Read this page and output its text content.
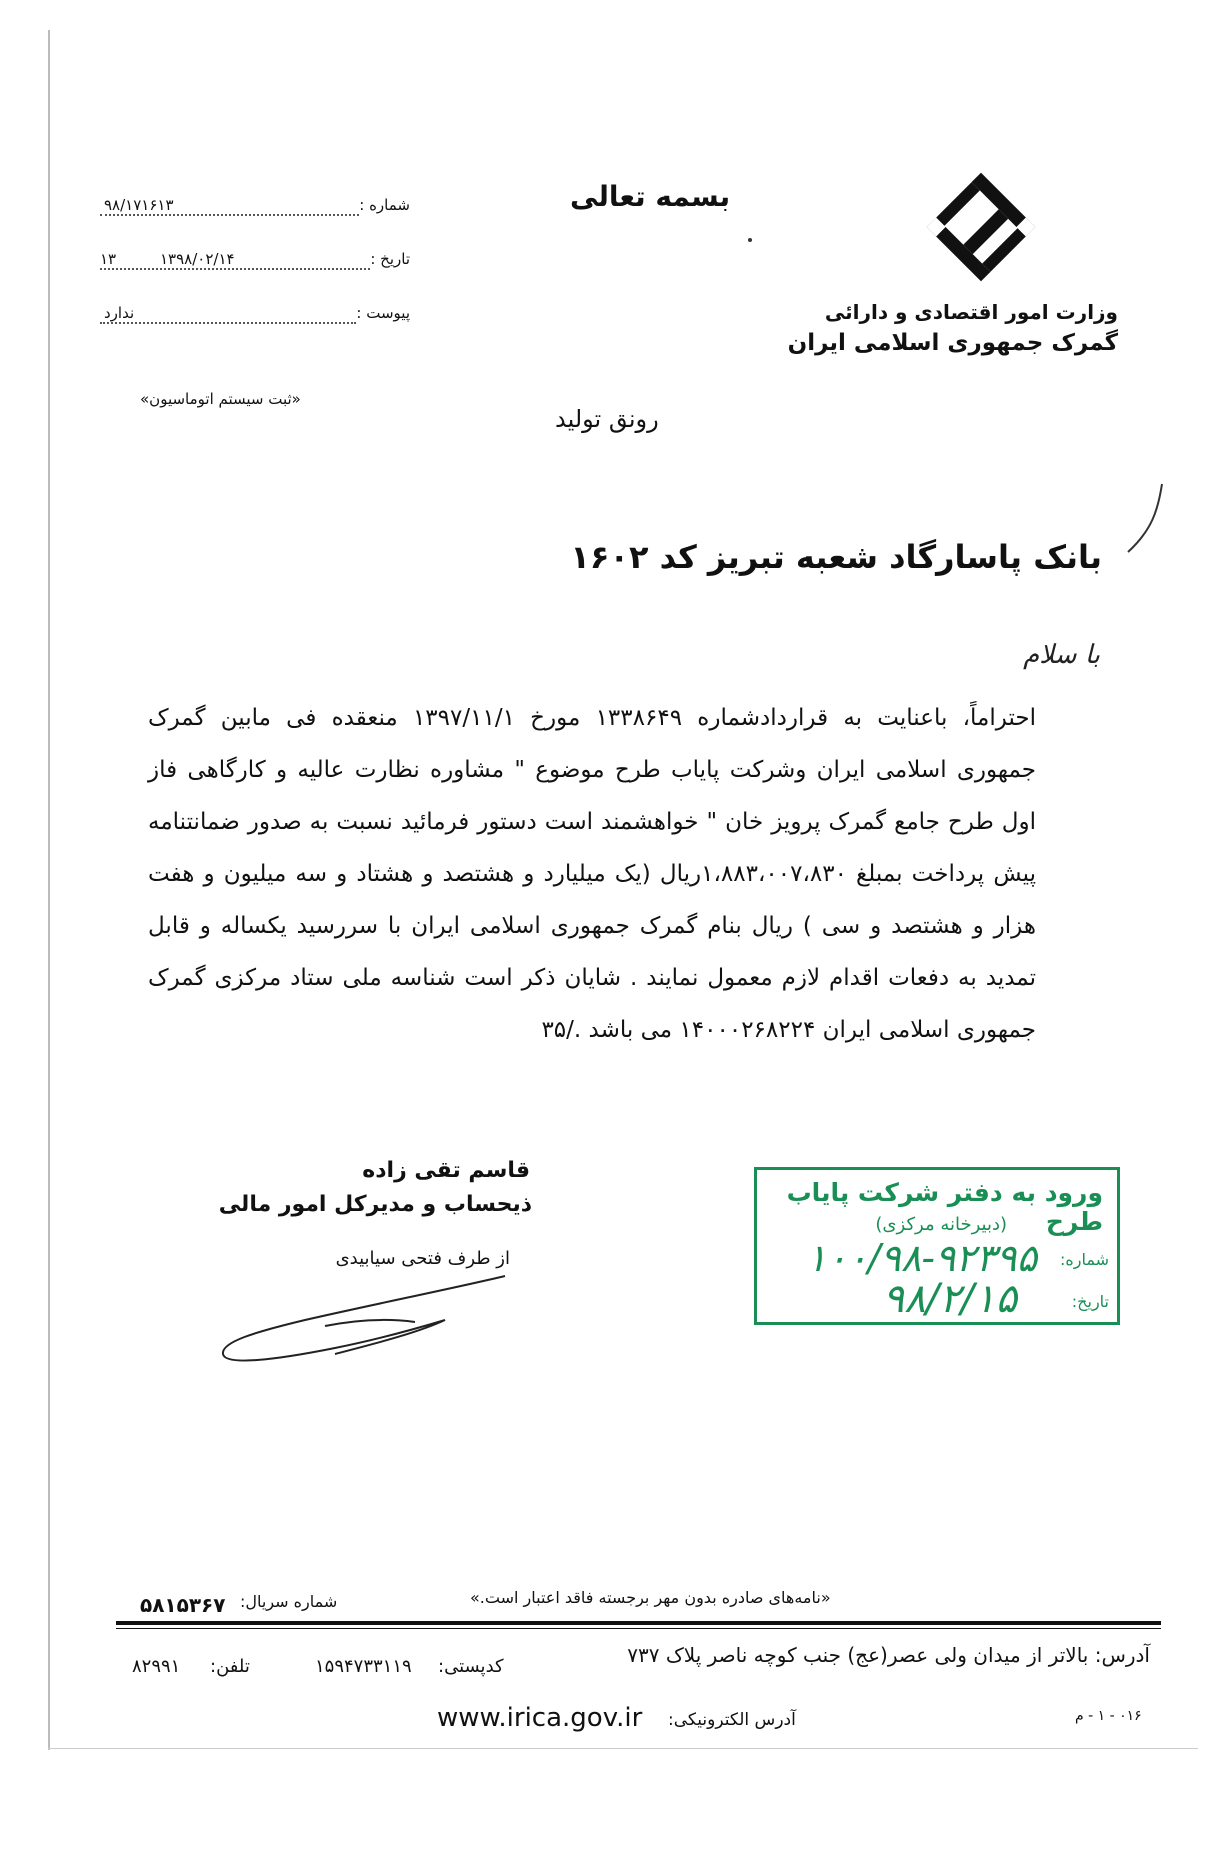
وزارت امور اقتصادی و دارائی
گمرک جمهوری اسلامی ایران
بسمه تعالی
شماره :
۹۸/۱۷۱۶۱۳
تاریخ :
۱۳۹۸/۰۲/۱۴
۱۳
پیوست :
ندارد
«ثبت سیستم اتوماسیون»
رونق تولید
بانک پاسارگاد شعبه تبریز کد ۱۶۰۲
با سلام
احتراماً، باعنایت به قراردادشماره ۱۳۳۸۶۴۹ مورخ ۱۳۹۷/۱۱/۱ منعقده فی مابین گمرک جمهوری اسلامی ایران وشرکت پایاب طرح موضوع " مشاوره نظارت عالیه و کارگاهی فاز اول طرح جامع گمرک پرویز خان " خواهشمند است دستور فرمائید نسبت به صدور ضمانتنامه پیش پرداخت بمبلغ ۱،۸۸۳،۰۰۷،۸۳۰ریال (یک میلیارد و هشتصد و هشتاد و سه میلیون و هفت هزار و هشتصد و سی ) ریال بنام گمرک جمهوری اسلامی ایران با سررسید یکساله و قابل تمدید به دفعات اقدام لازم معمول نمایند . شایان ذکر است شناسه ملی ستاد مرکزی گمرک جمهوری اسلامی ایران ۱۴۰۰۰۲۶۸۲۲۴ می باشد ./۳۵
قاسم تقی زاده
ذیحساب و مدیرکل امور مالی
از طرف فتحی سیابیدی
ورود به دفتر شرکت پایاب طرح
(دبیرخانه مرکزی)
شماره:
۱۰۰/۹۸-۹۲۳۹۵
تاریخ:
۹۸/۲/۱۵
«نامه‌های صادره بدون مهر برجسته فاقد اعتبار است.»
شماره سریال:
۵۸۱۵۳۶۷
آدرس: بالاتر از میدان ولی عصر(عج) جنب کوچه ناصر پلاک ۷۳۷
کدپستی:
۱۵۹۴۷۳۳۱۱۹
تلفن:
۸۲۹۹۱
آدرس الکترونیکی:
www.irica.gov.ir	۰۱۶ - ۱ - م
